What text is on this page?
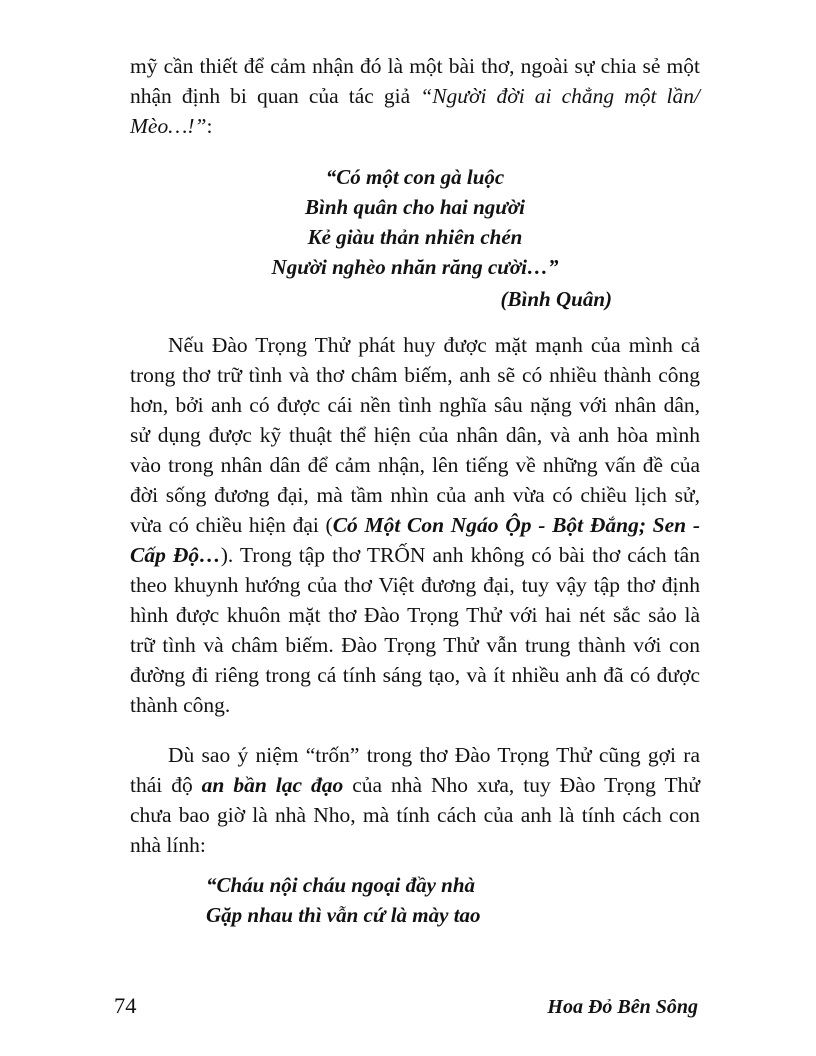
mỹ cần thiết để cảm nhận đó là một bài thơ, ngoài sự chia sẻ một nhận định bi quan của tác giả “Người đời ai chẳng một lần/ Mèo…!”:

“Có một con gà luộc
Bình quân cho hai người
Kẻ giàu thản nhiên chén
Người nghèo nhăn răng cười…”
(Bình Quân)

Nếu Đào Trọng Thử phát huy được mặt mạnh của mình cả trong thơ trữ tình và thơ châm biếm, anh sẽ có nhiều thành công hơn, bởi anh có được cái nền tình nghĩa sâu nặng với nhân dân, sử dụng được kỹ thuật thể hiện của nhân dân, và anh hòa mình vào trong nhân dân để cảm nhận, lên tiếng về những vấn đề của đời sống đương đại, mà tầm nhìn của anh vừa có chiều lịch sử, vừa có chiều hiện đại (Có Một Con Ngáo Ộp - Bột Đắng; Sen - Cấp Độ…). Trong tập thơ TRỐN anh không có bài thơ cách tân theo khuynh hướng của thơ Việt đương đại, tuy vậy tập thơ định hình được khuôn mặt thơ Đào Trọng Thử với hai nét sắc sảo là trữ tình và châm biếm. Đào Trọng Thử vẫn trung thành với con đường đi riêng trong cá tính sáng tạo, và ít nhiều anh đã có được thành công.

Dù sao ý niệm “trốn” trong thơ Đào Trọng Thử cũng gợi ra thái độ an bần lạc đạo của nhà Nho xưa, tuy Đào Trọng Thử chưa bao giờ là nhà Nho, mà tính cách của anh là tính cách con nhà lính:

“Cháu nội cháu ngoại đầy nhà
Gặp nhau thì vẫn cứ là mày tao
74	Hoa Đỏ Bên Sông
